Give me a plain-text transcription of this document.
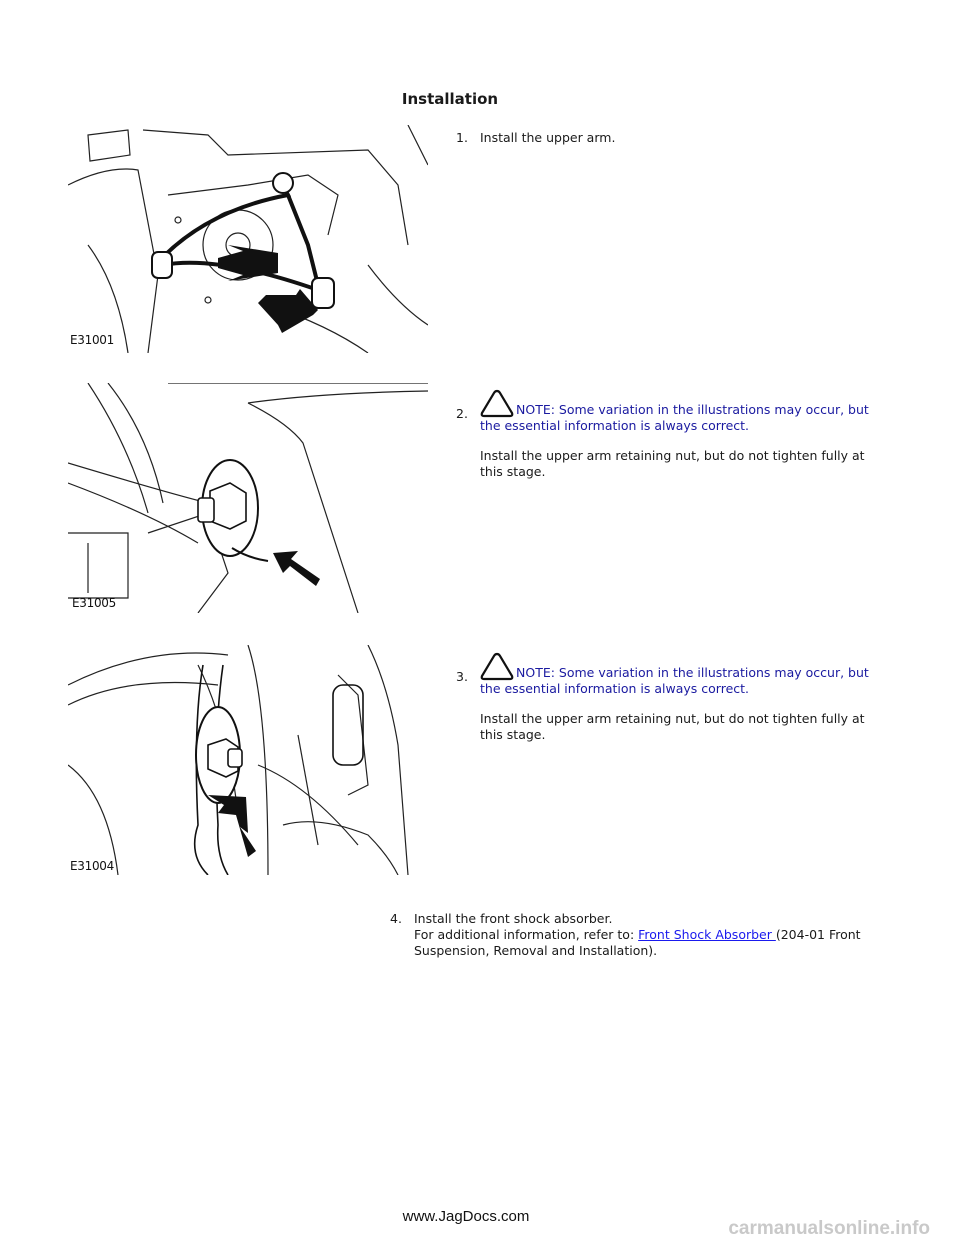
Installation
E31001
E31005
E31004
1. Install the upper arm.
2.	NOTE: Some variation in the illustrations may occur, but the essential information is always correct.
Install the upper arm retaining nut, but do not tighten fully at this stage.
3.	NOTE: Some variation in the illustrations may occur, but the essential information is always correct.
Install the upper arm retaining nut, but do not tighten fully at this stage.
4. Install the front shock absorber.
For additional information, refer to: Front Shock Absorber (204-01 Front Suspension, Removal and Installation).
www.JagDocs.com
carmanualsonline.info
